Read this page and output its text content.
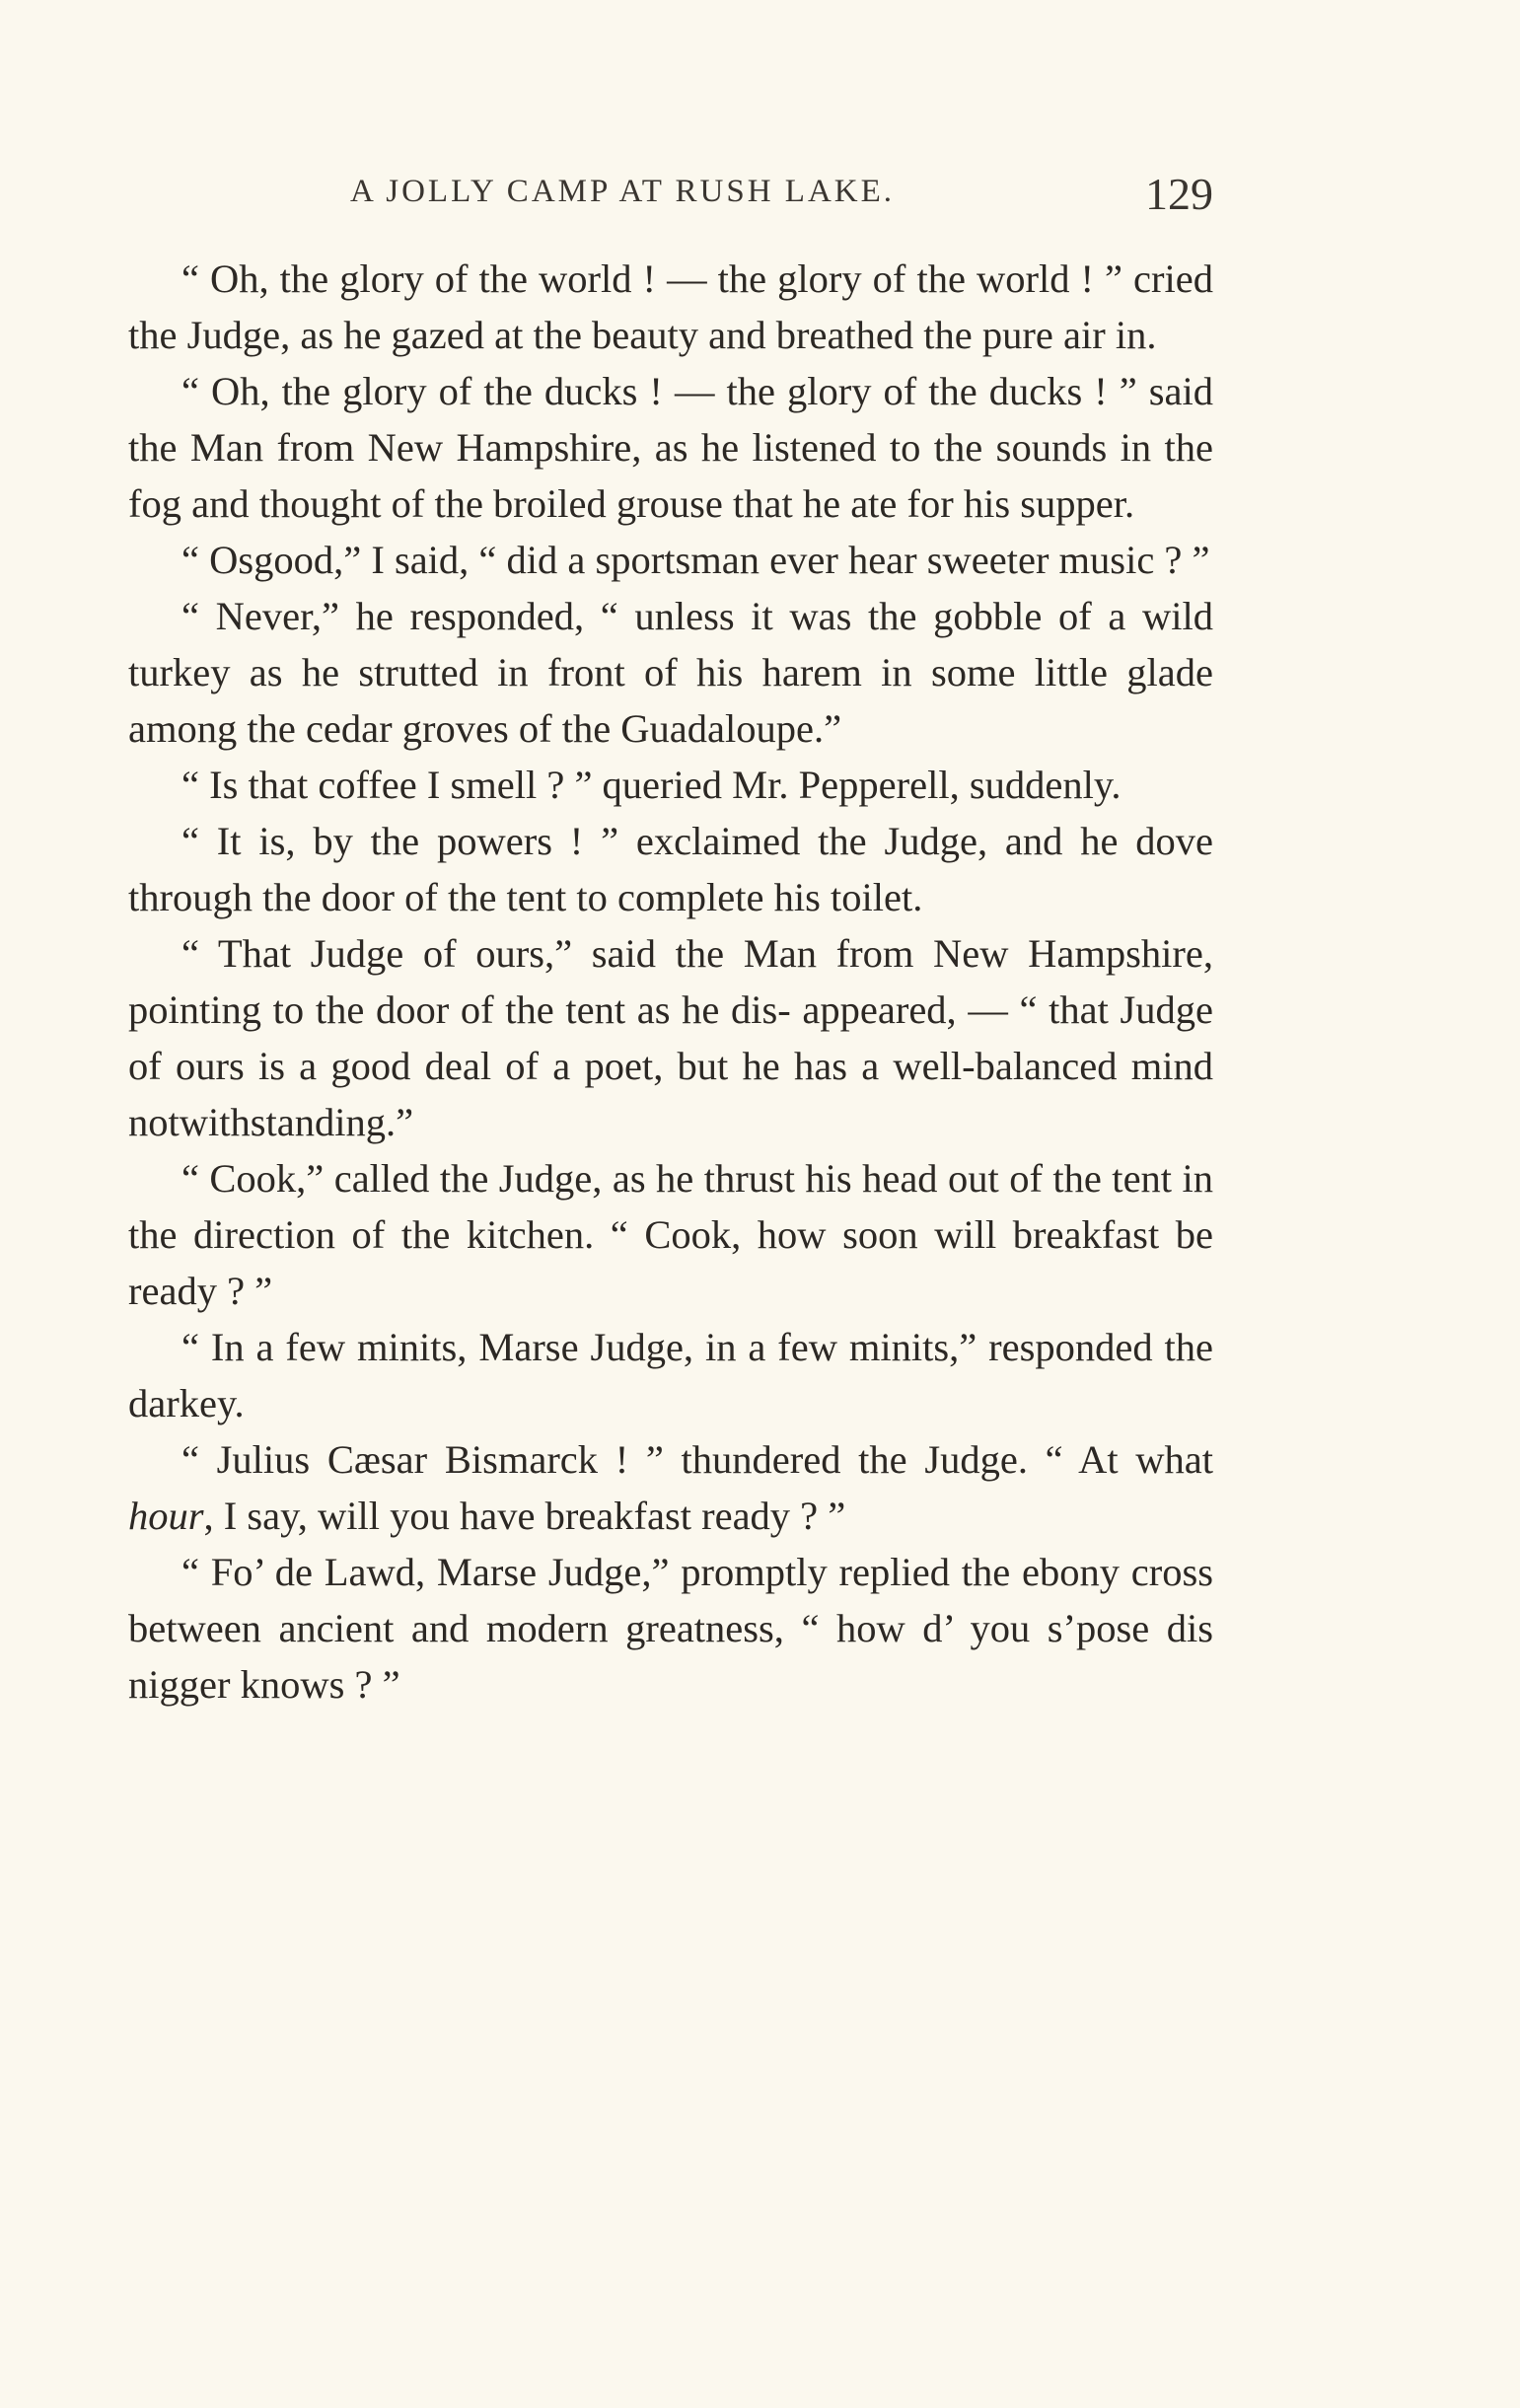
A JOLLY CAMP AT RUSH LAKE.	129

“ Oh, the glory of the world ! — the glory of the world ! ” cried the Judge, as he gazed at the beauty and breathed the pure air in.

“ Oh, the glory of the ducks ! — the glory of the ducks ! ” said the Man from New Hampshire, as he listened to the sounds in the fog and thought of the broiled grouse that he ate for his supper.

“ Osgood,” I said, “ did a sportsman ever hear sweeter music ? ”

“ Never,” he responded, “ unless it was the gobble of a wild turkey as he strutted in front of his harem in some little glade among the cedar groves of the Guadaloupe.”

“ Is that coffee I smell ? ” queried Mr. Pepperell, suddenly.

“ It is, by the powers ! ” exclaimed the Judge, and he dove through the door of the tent to complete his toilet.

“ That Judge of ours,” said the Man from New Hampshire, pointing to the door of the tent as he dis- appeared, — “ that Judge of ours is a good deal of a poet, but he has a well-balanced mind notwithstanding.”

“ Cook,” called the Judge, as he thrust his head out of the tent in the direction of the kitchen. “ Cook, how soon will breakfast be ready ? ”

“ In a few minits, Marse Judge, in a few minits,” responded the darkey.

“ Julius Cæsar Bismarck ! ” thundered the Judge. “ At what hour, I say, will you have breakfast ready ? ”

“ Fo’ de Lawd, Marse Judge,” promptly replied the ebony cross between ancient and modern greatness, “ how d’ you s’pose dis nigger knows ? ”
